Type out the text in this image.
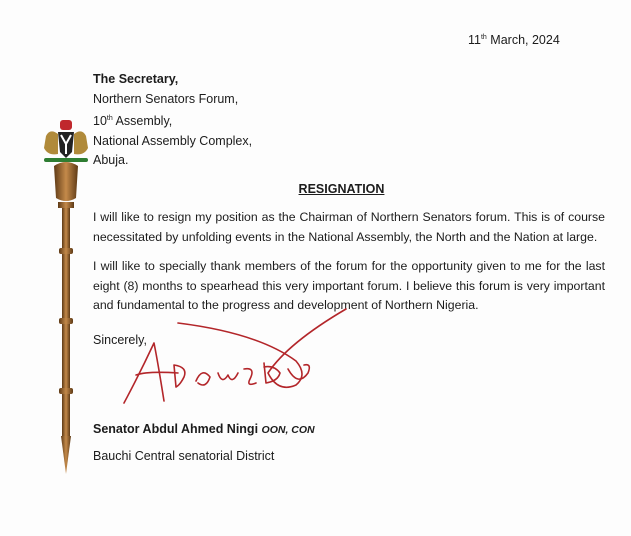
11th March, 2024
The Secretary,
Northern Senators Forum,
10th Assembly,
National Assembly Complex,
Abuja.
RESIGNATION
I will like to resign my position as the Chairman of Northern Senators forum. This is of course necessitated by unfolding events in the National Assembly, the North and the Nation at large.
I will like to specially thank members of the forum for the opportunity given to me for the last eight (8) months to spearhead this very important forum. I believe this forum is very important and fundamental to the progress and development of Northern Nigeria.
Sincerely,
Senator Abdul Ahmed Ningi OON, CON
Bauchi Central senatorial District
